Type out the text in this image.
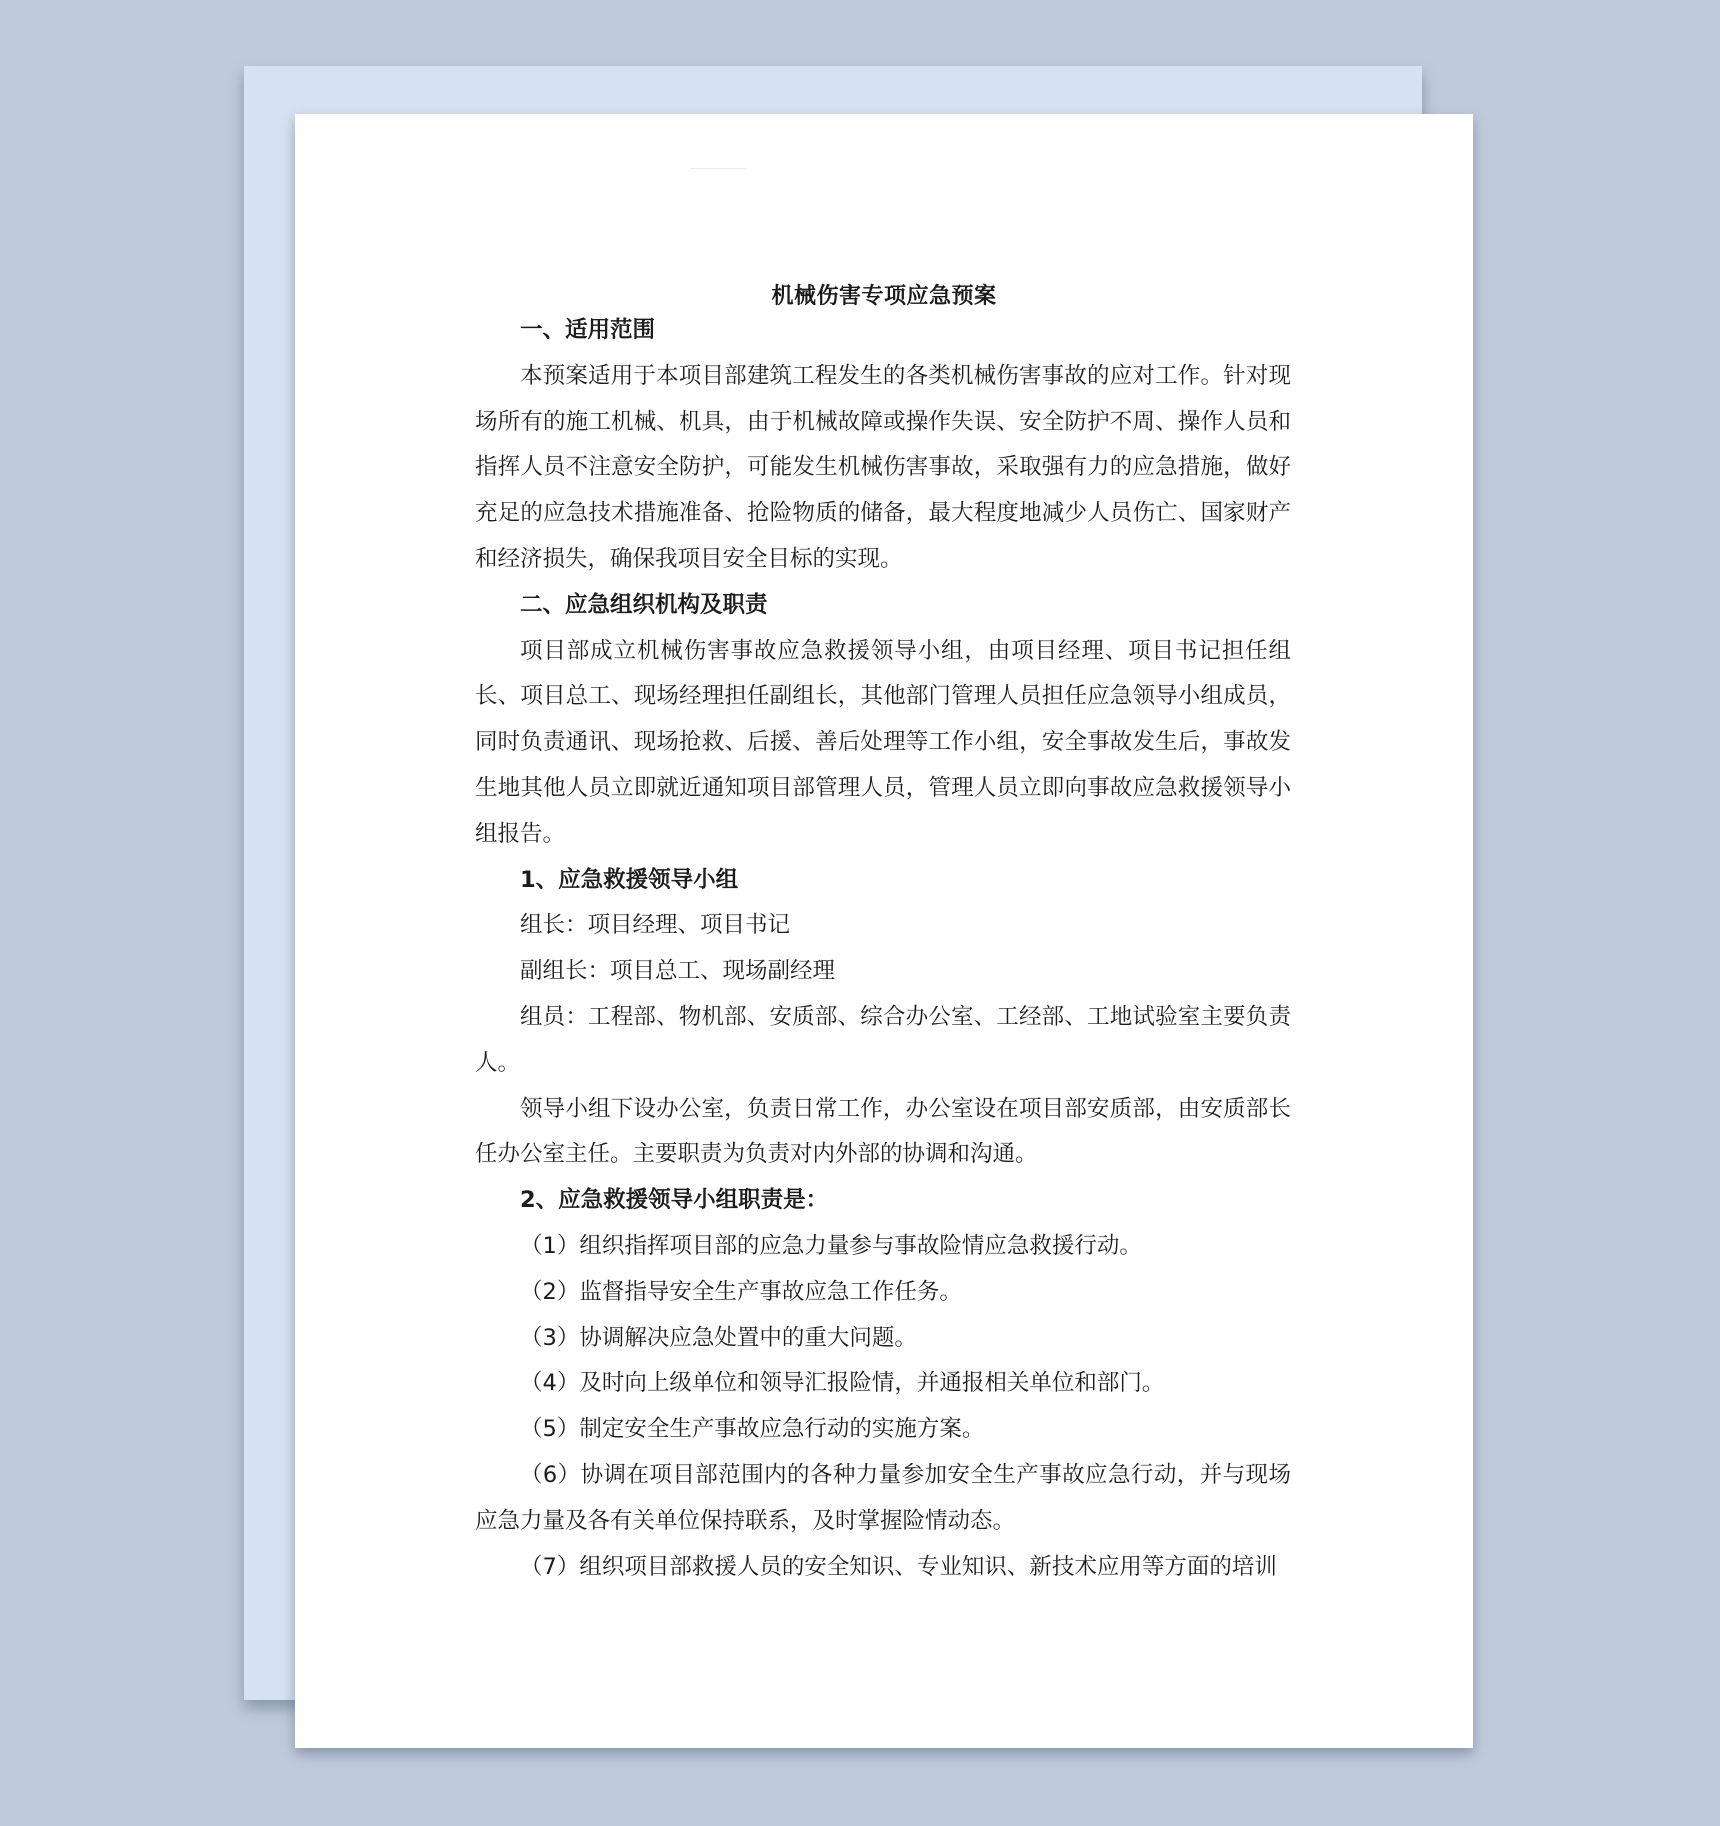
机械伤害专项应急预案

一、适用范围

本预案适用于本项目部建筑工程发生的各类机械伤害事故的应对工作。针对现场所有的施工机械、机具，由于机械故障或操作失误、安全防护不周、操作人员和指挥人员不注意安全防护，可能发生机械伤害事故，采取强有力的应急措施，做好充足的应急技术措施准备、抢险物质的储备，最大程度地减少人员伤亡、国家财产和经济损失，确保我项目安全目标的实现。

二、应急组织机构及职责

项目部成立机械伤害事故应急救援领导小组，由项目经理、项目书记担任组长、项目总工、现场经理担任副组长，其他部门管理人员担任应急领导小组成员，同时负责通讯、现场抢救、后援、善后处理等工作小组，安全事故发生后，事故发生地其他人员立即就近通知项目部管理人员，管理人员立即向事故应急救援领导小组报告。

1、应急救援领导小组

组长：项目经理、项目书记

副组长：项目总工、现场副经理

组员：工程部、物机部、安质部、综合办公室、工经部、工地试验室主要负责人。

领导小组下设办公室，负责日常工作，办公室设在项目部安质部，由安质部长任办公室主任。主要职责为负责对内外部的协调和沟通。

2、应急救援领导小组职责是：

（1）组织指挥项目部的应急力量参与事故险情应急救援行动。

（2）监督指导安全生产事故应急工作任务。

（3）协调解决应急处置中的重大问题。

（4）及时向上级单位和领导汇报险情，并通报相关单位和部门。

（5）制定安全生产事故应急行动的实施方案。

（6）协调在项目部范围内的各种力量参加安全生产事故应急行动，并与现场应急力量及各有关单位保持联系，及时掌握险情动态。

（7）组织项目部救援人员的安全知识、专业知识、新技术应用等方面的培训
